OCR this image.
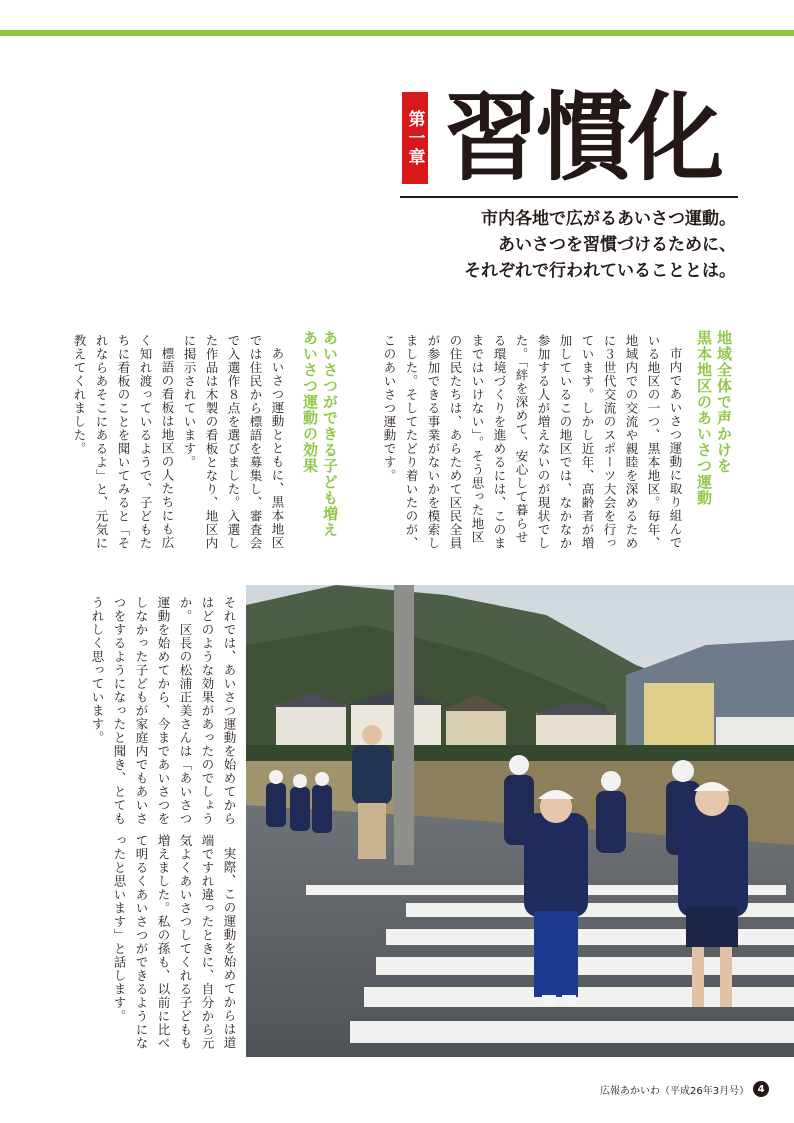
第一章 習慣化
市内各地で広がるあいさつ運動。
あいさつを習慣づけるために、
それぞれで行われていることとは。
地域全体で声かけを
黒本地区のあいさつ運動

市内であいさつ運動に取り組んでいる地区の一つ、黒本地区。毎年、地域内での交流や親睦を深めるために３世代交流のスポーツ大会を行っています。しかし近年、高齢者が増加しているこの地区では、なかなか参加する人が増えないのが現状でした。「絆を深めて、安心して暮らせる環境づくりを進めるには、このままではいけない」。そう思った地区の住民たちは、あらためて区民全員が参加できる事業がないかを模索しました。そしてたどり着いたのが、このあいさつ運動です。

あいさつができる子ども増え
あいさつ運動の効果

あいさつ運動とともに、黒本地区では住民から標語を募集し、審査会で入選作８点を選びました。入選した作品は木製の看板となり、地区内に掲示されています。

標語の看板は地区の人たちにも広く知れ渡っているようで、子どもたちに看板のことを聞いてみると「それならあそこにあるよ」と、元気に教えてくれました。

それでは、あいさつ運動を始めてからはどのような効果があったのでしょうか。区長の松浦正美さんは「あいさつ運動を始めてから、今まであいさつをしなかった子どもが家庭内でもあいさつをするようになったと聞き、とてもうれしく思っています。

実際、この運動を始めてからは道端ですれ違ったときに、自分から元気よくあいさつしてくれる子どもも増えました。私の孫も、以前に比べて明るくあいさつができるようになったと思います」と話します。

広報あかいわ（平成26年3月号） 4
